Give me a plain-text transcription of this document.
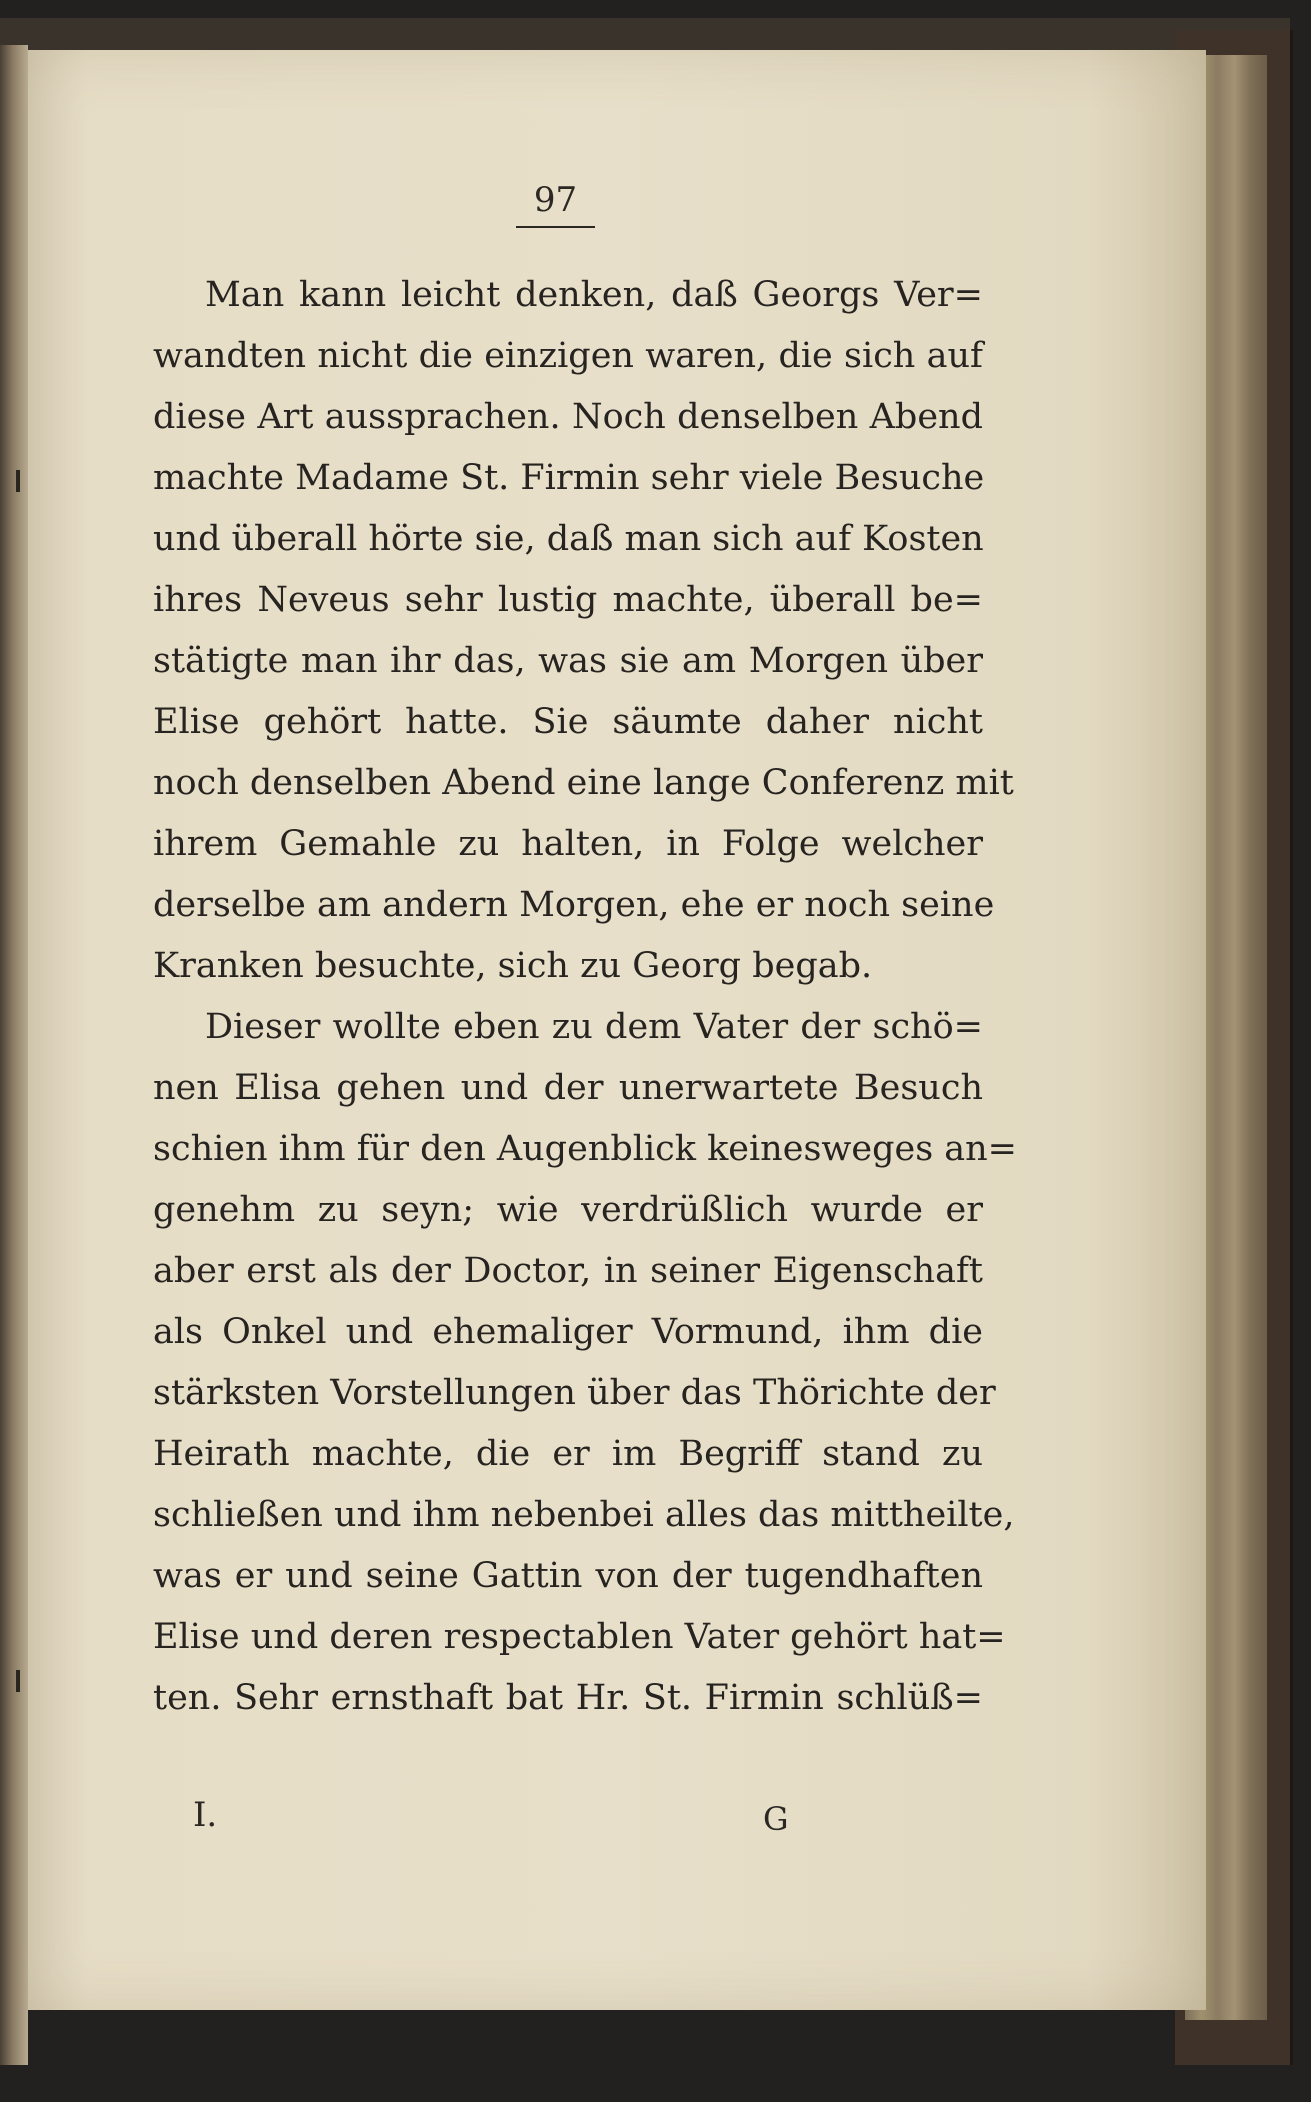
97
Man kann leicht denken, daß Georgs Ver=
wandten nicht die einzigen waren, die sich auf
diese Art aussprachen. Noch denselben Abend
machte Madame St. Firmin sehr viele Besuche
und überall hörte sie, daß man sich auf Kosten
ihres Neveus sehr lustig machte, überall be=
stätigte man ihr das, was sie am Morgen über
Elise gehört hatte. Sie säumte daher nicht
noch denselben Abend eine lange Conferenz mit
ihrem Gemahle zu halten, in Folge welcher
derselbe am andern Morgen, ehe er noch seine
Kranken besuchte, sich zu Georg begab.
Dieser wollte eben zu dem Vater der schö=
nen Elisa gehen und der unerwartete Besuch
schien ihm für den Augenblick keinesweges an=
genehm zu seyn; wie verdrüßlich wurde er
aber erst als der Doctor, in seiner Eigenschaft
als Onkel und ehemaliger Vormund, ihm die
stärksten Vorstellungen über das Thörichte der
Heirath machte, die er im Begriff stand zu
schließen und ihm nebenbei alles das mittheilte,
was er und seine Gattin von der tugendhaften
Elise und deren respectablen Vater gehört hat=
ten. Sehr ernsthaft bat Hr. St. Firmin schlüß=
I.	G
